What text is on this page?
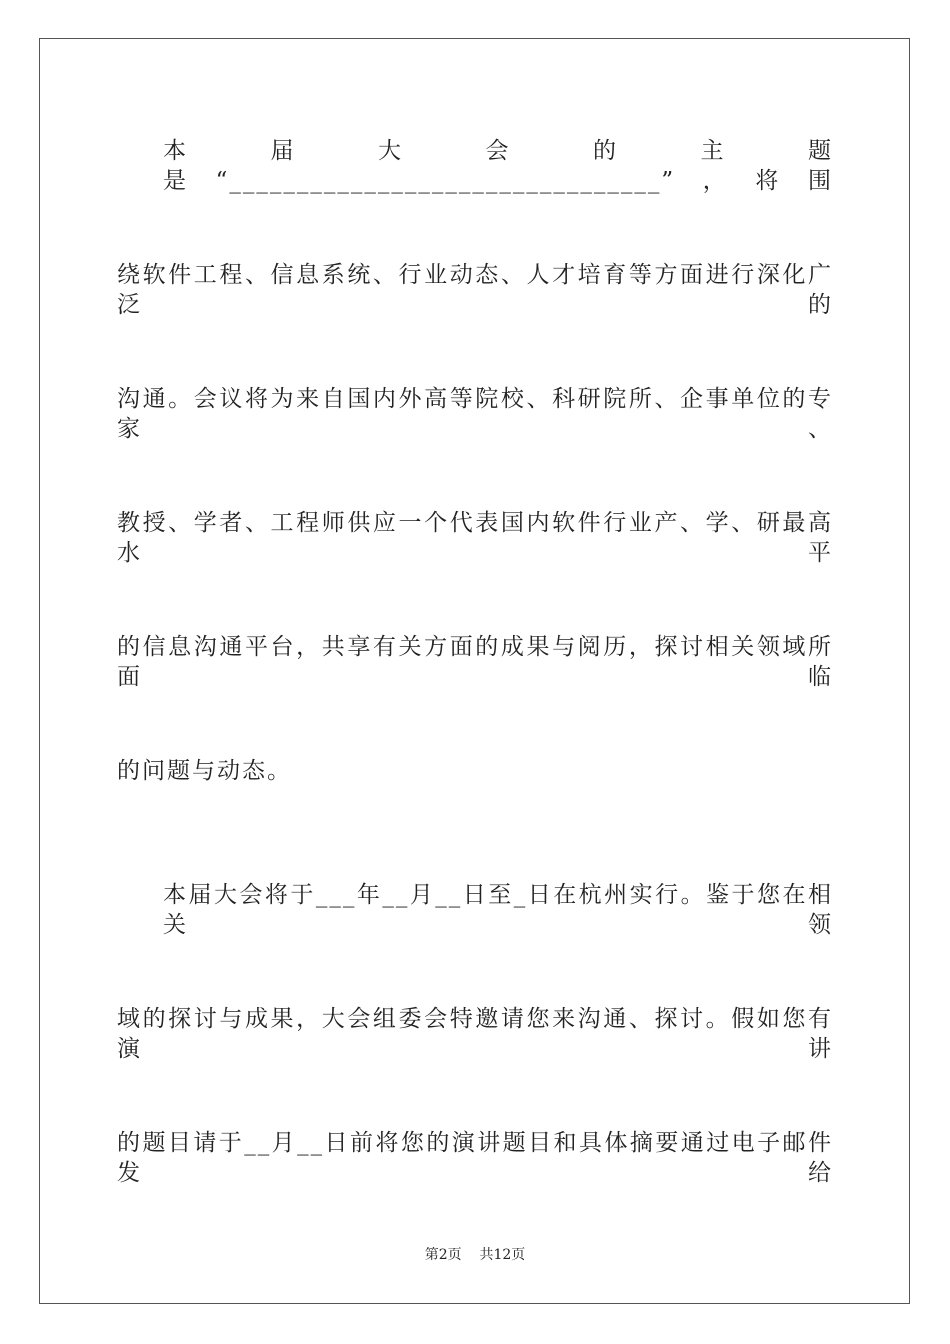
本届大会的主题是“________________________________”，将围
绕软件工程、信息系统、行业动态、人才培育等方面进行深化广泛的
沟通。会议将为来自国内外高等院校、科研院所、企事单位的专家、
教授、学者、工程师供应一个代表国内软件行业产、学、研最高水平
的信息沟通平台，共享有关方面的成果与阅历，探讨相关领域所面临
的问题与动态。
本届大会将于___年__月__日至_日在杭州实行。鉴于您在相关领
域的探讨与成果，大会组委会特邀请您来沟通、探讨。假如您有演讲
的题目请于__月__日前将您的演讲题目和具体摘要通过电子邮件发给
第2页 共12页
